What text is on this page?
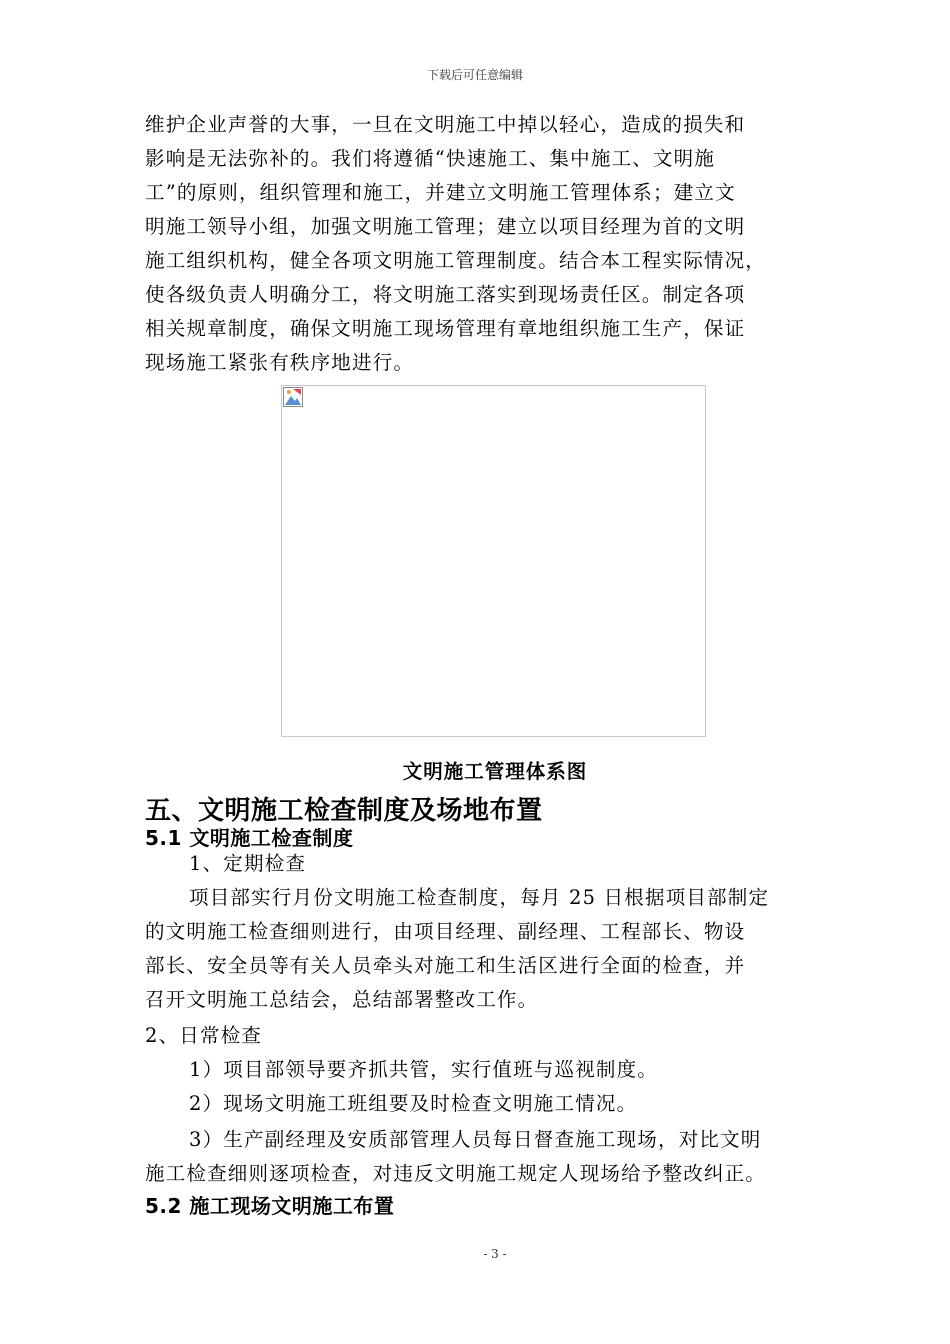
下载后可任意编辑

维护企业声誉的大事，一旦在文明施工中掉以轻心，造成的损失和

影响是无法弥补的。我们将遵循“快速施工、集中施工、文明施

工”的原则，组织管理和施工，并建立文明施工管理体系；建立文

明施工领导小组，加强文明施工管理；建立以项目经理为首的文明

施工组织机构，健全各项文明施工管理制度。结合本工程实际情况，

使各级负责人明确分工，将文明施工落实到现场责任区。制定各项

相关规章制度，确保文明施工现场管理有章地组织施工生产，保证

现场施工紧张有秩序地进行。

文明施工管理体系图
五、文明施工检查制度及场地布置
5.1 文明施工检查制度

1、定期检查

项目部实行月份文明施工检查制度，每月 25 日根据项目部制定

的文明施工检查细则进行，由项目经理、副经理、工程部长、物设

部长、安全员等有关人员牵头对施工和生活区进行全面的检查，并

召开文明施工总结会，总结部署整改工作。

2、日常检查

1）项目部领导要齐抓共管，实行值班与巡视制度。

2）现场文明施工班组要及时检查文明施工情况。

3）生产副经理及安质部管理人员每日督查施工现场，对比文明

施工检查细则逐项检查，对违反文明施工规定人现场给予整改纠正。

5.2 施工现场文明施工布置
- 3 -
